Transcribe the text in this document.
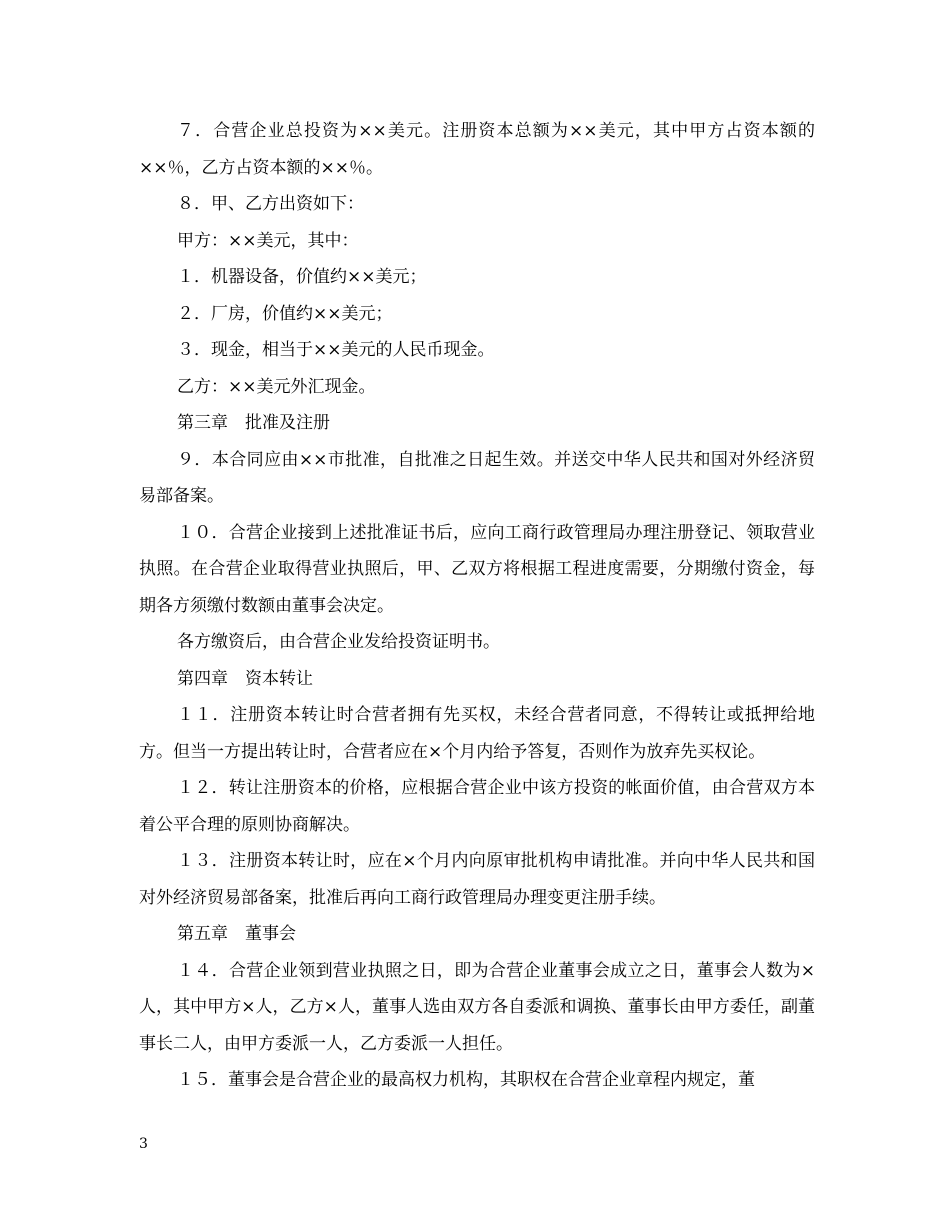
７．合营企业总投资为××美元。注册资本总额为××美元，其中甲方占资本额的××％，乙方占资本额的××％。

８．甲、乙方出资如下：

甲方：××美元，其中：

１．机器设备，价值约××美元；

２．厂房，价值约××美元；

３．现金，相当于××美元的人民币现金。

乙方：××美元外汇现金。

第三章　批准及注册

９．本合同应由××市批准，自批准之日起生效。并送交中华人民共和国对外经济贸易部备案。

１０．合营企业接到上述批准证书后，应向工商行政管理局办理注册登记、领取营业执照。在合营企业取得营业执照后，甲、乙双方将根据工程进度需要，分期缴付资金，每期各方须缴付数额由董事会决定。

各方缴资后，由合营企业发给投资证明书。

第四章　资本转让

１１．注册资本转让时合营者拥有先买权，未经合营者同意，不得转让或抵押给地方。但当一方提出转让时，合营者应在×个月内给予答复，否则作为放弃先买权论。

１２．转让注册资本的价格，应根据合营企业中该方投资的帐面价值，由合营双方本着公平合理的原则协商解决。

１３．注册资本转让时，应在×个月内向原审批机构申请批准。并向中华人民共和国对外经济贸易部备案，批准后再向工商行政管理局办理变更注册手续。

第五章　董事会

１４．合营企业领到营业执照之日，即为合营企业董事会成立之日，董事会人数为×人，其中甲方×人，乙方×人，董事人选由双方各自委派和调换、董事长由甲方委任，副董事长二人，由甲方委派一人，乙方委派一人担任。

１５．董事会是合营企业的最高权力机构，其职权在合营企业章程内规定，董

3
